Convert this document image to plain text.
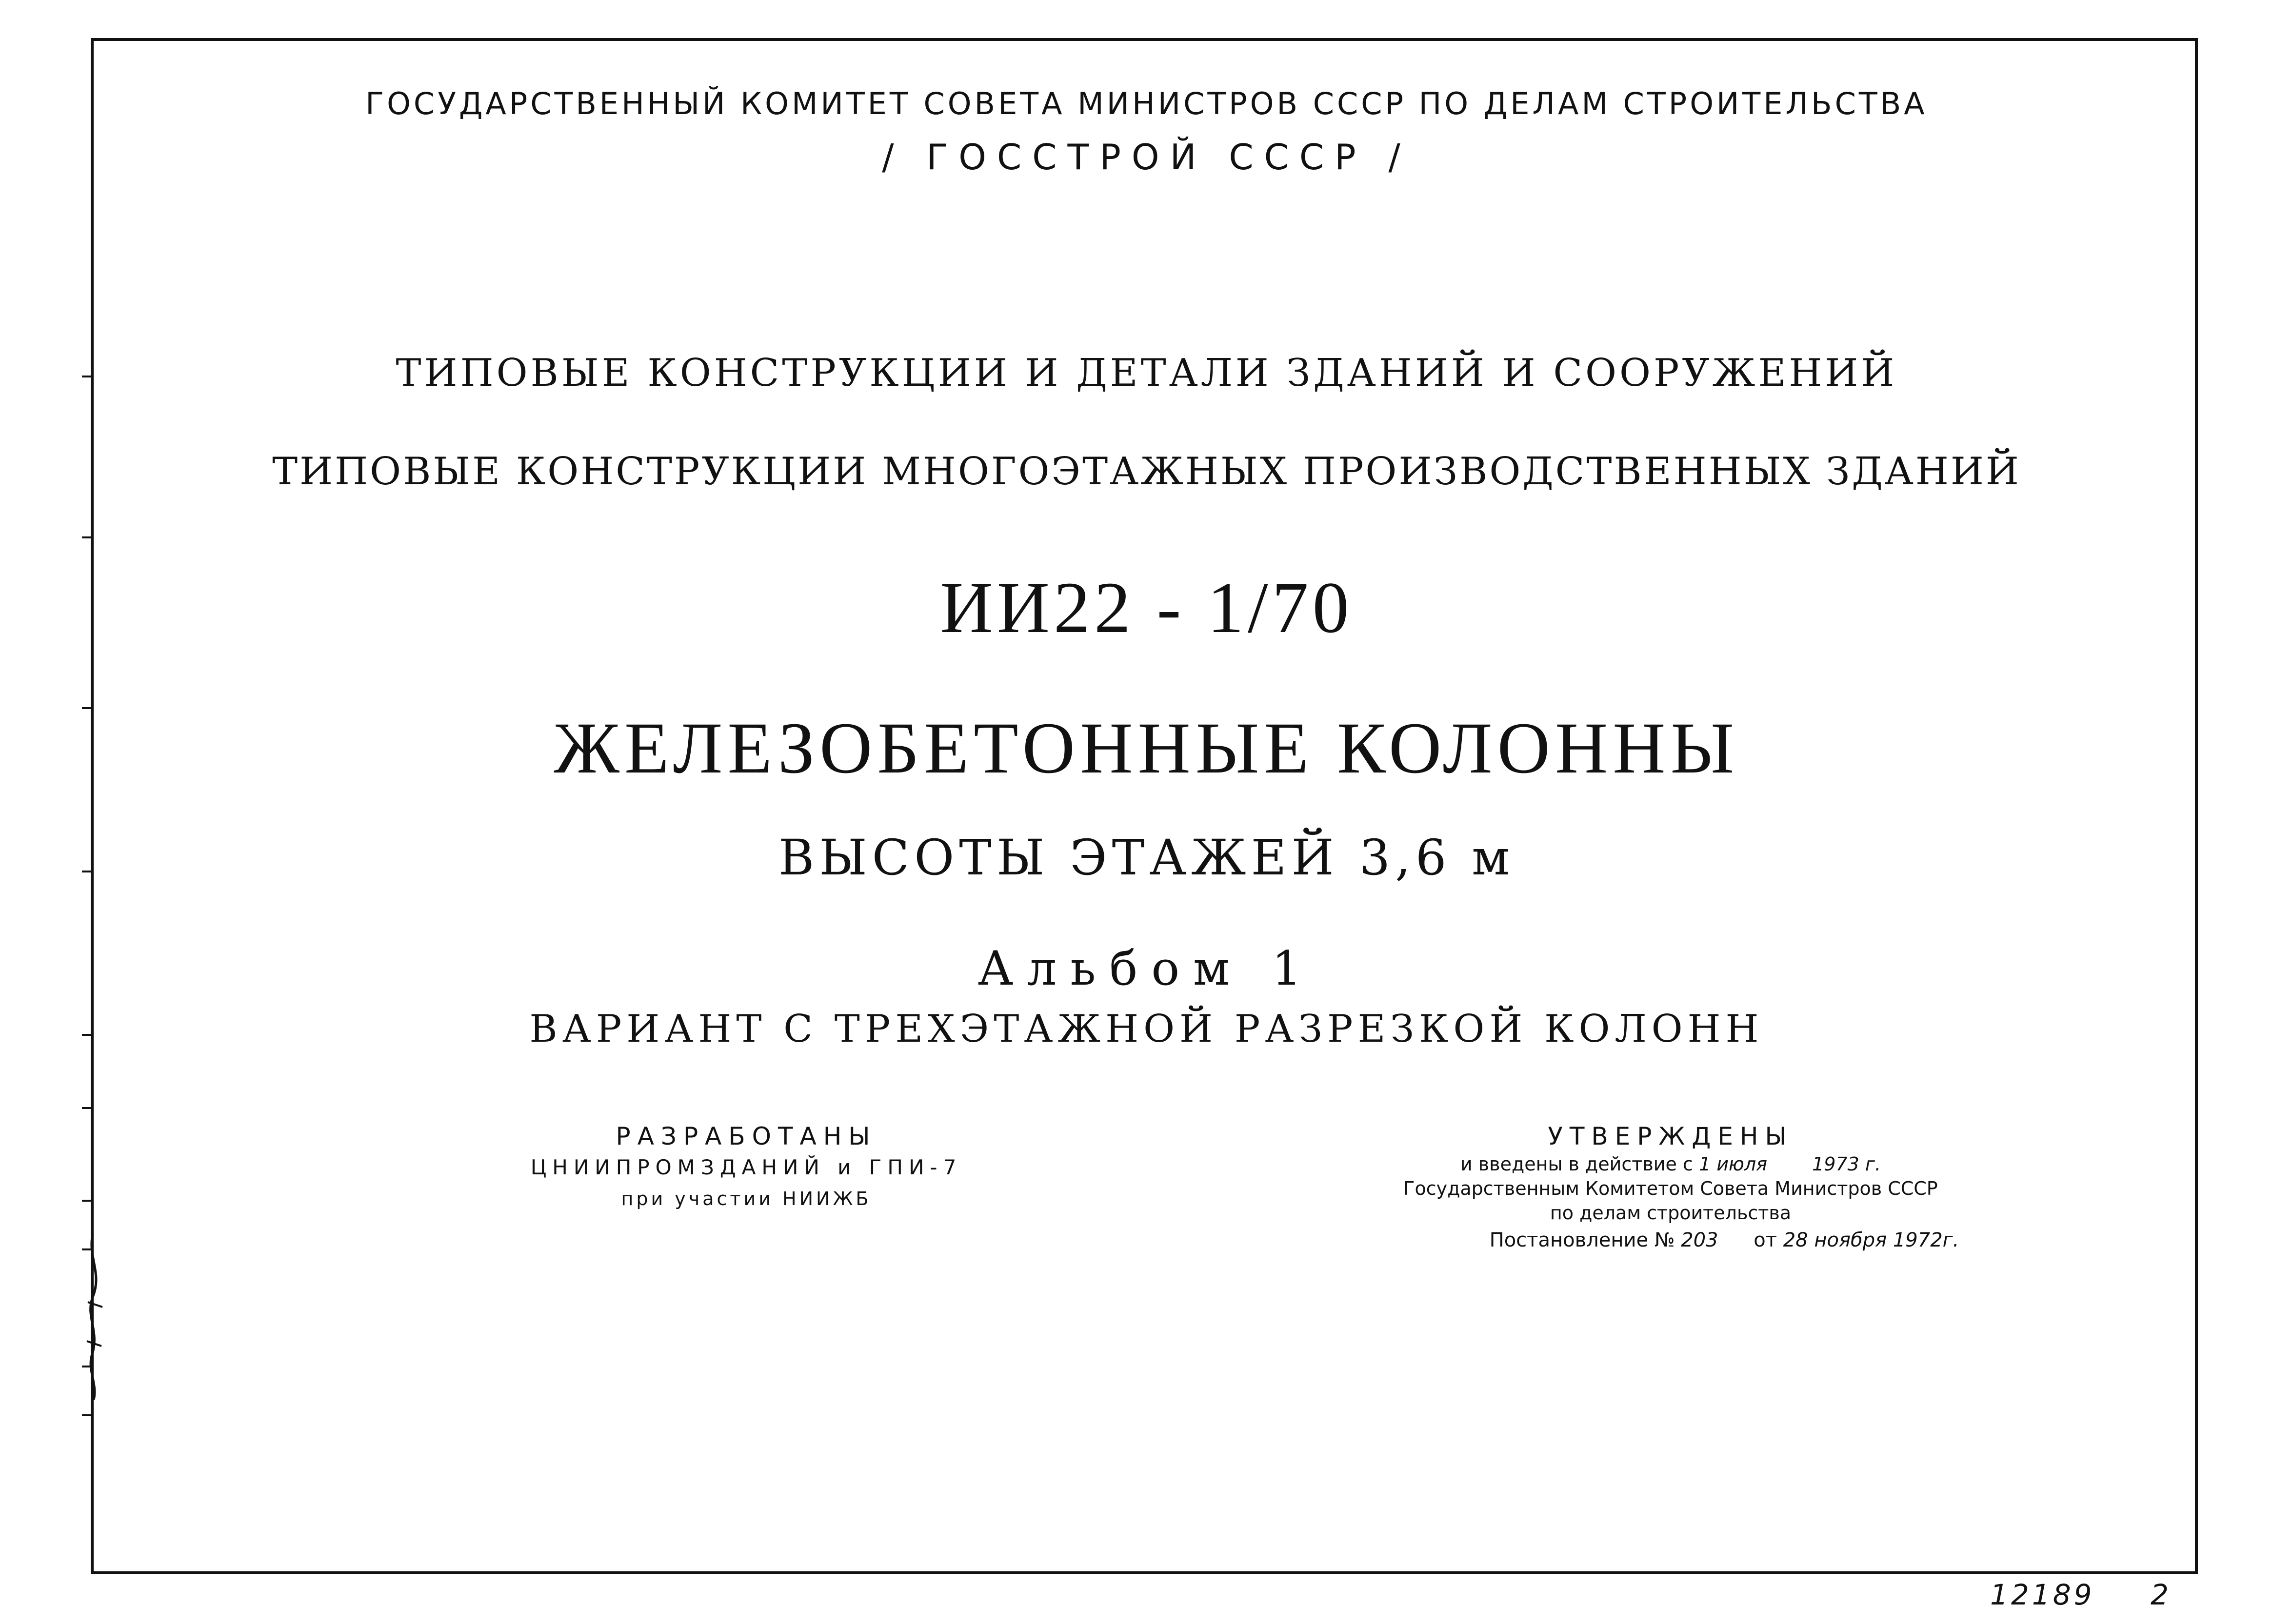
ГОСУДАРСТВЕННЫЙ КОМИТЕТ СОВЕТА МИНИСТРОВ СССР ПО ДЕЛАМ СТРОИТЕЛЬСТВА
/ ГОССТРОЙ СССР /
ТИПОВЫЕ КОНСТРУКЦИИ И ДЕТАЛИ ЗДАНИЙ И СООРУЖЕНИЙ
ТИПОВЫЕ КОНСТРУКЦИИ МНОГОЭТАЖНЫХ ПРОИЗВОДСТВЕННЫХ ЗДАНИЙ
ИИ22 - 1/70
ЖЕЛЕЗОБЕТОННЫЕ КОЛОННЫ
ВЫСОТЫ ЭТАЖЕЙ 3,6 м
Альбом 1
ВАРИАНТ С ТРЕХЭТАЖНОЙ РАЗРЕЗКОЙ КОЛОНН
РАЗРАБОТАНЫ
ЦНИИПРОМЗДАНИЙ и ГПИ-7
при участии НИИЖБ
УТВЕРЖДЕНЫ
и введены в действие с 1 июля 1973 г.
Государственным Комитетом Совета Министров СССР
по делам строительства
Постановление № 203 от 28 ноября 1972г.
12189 2
